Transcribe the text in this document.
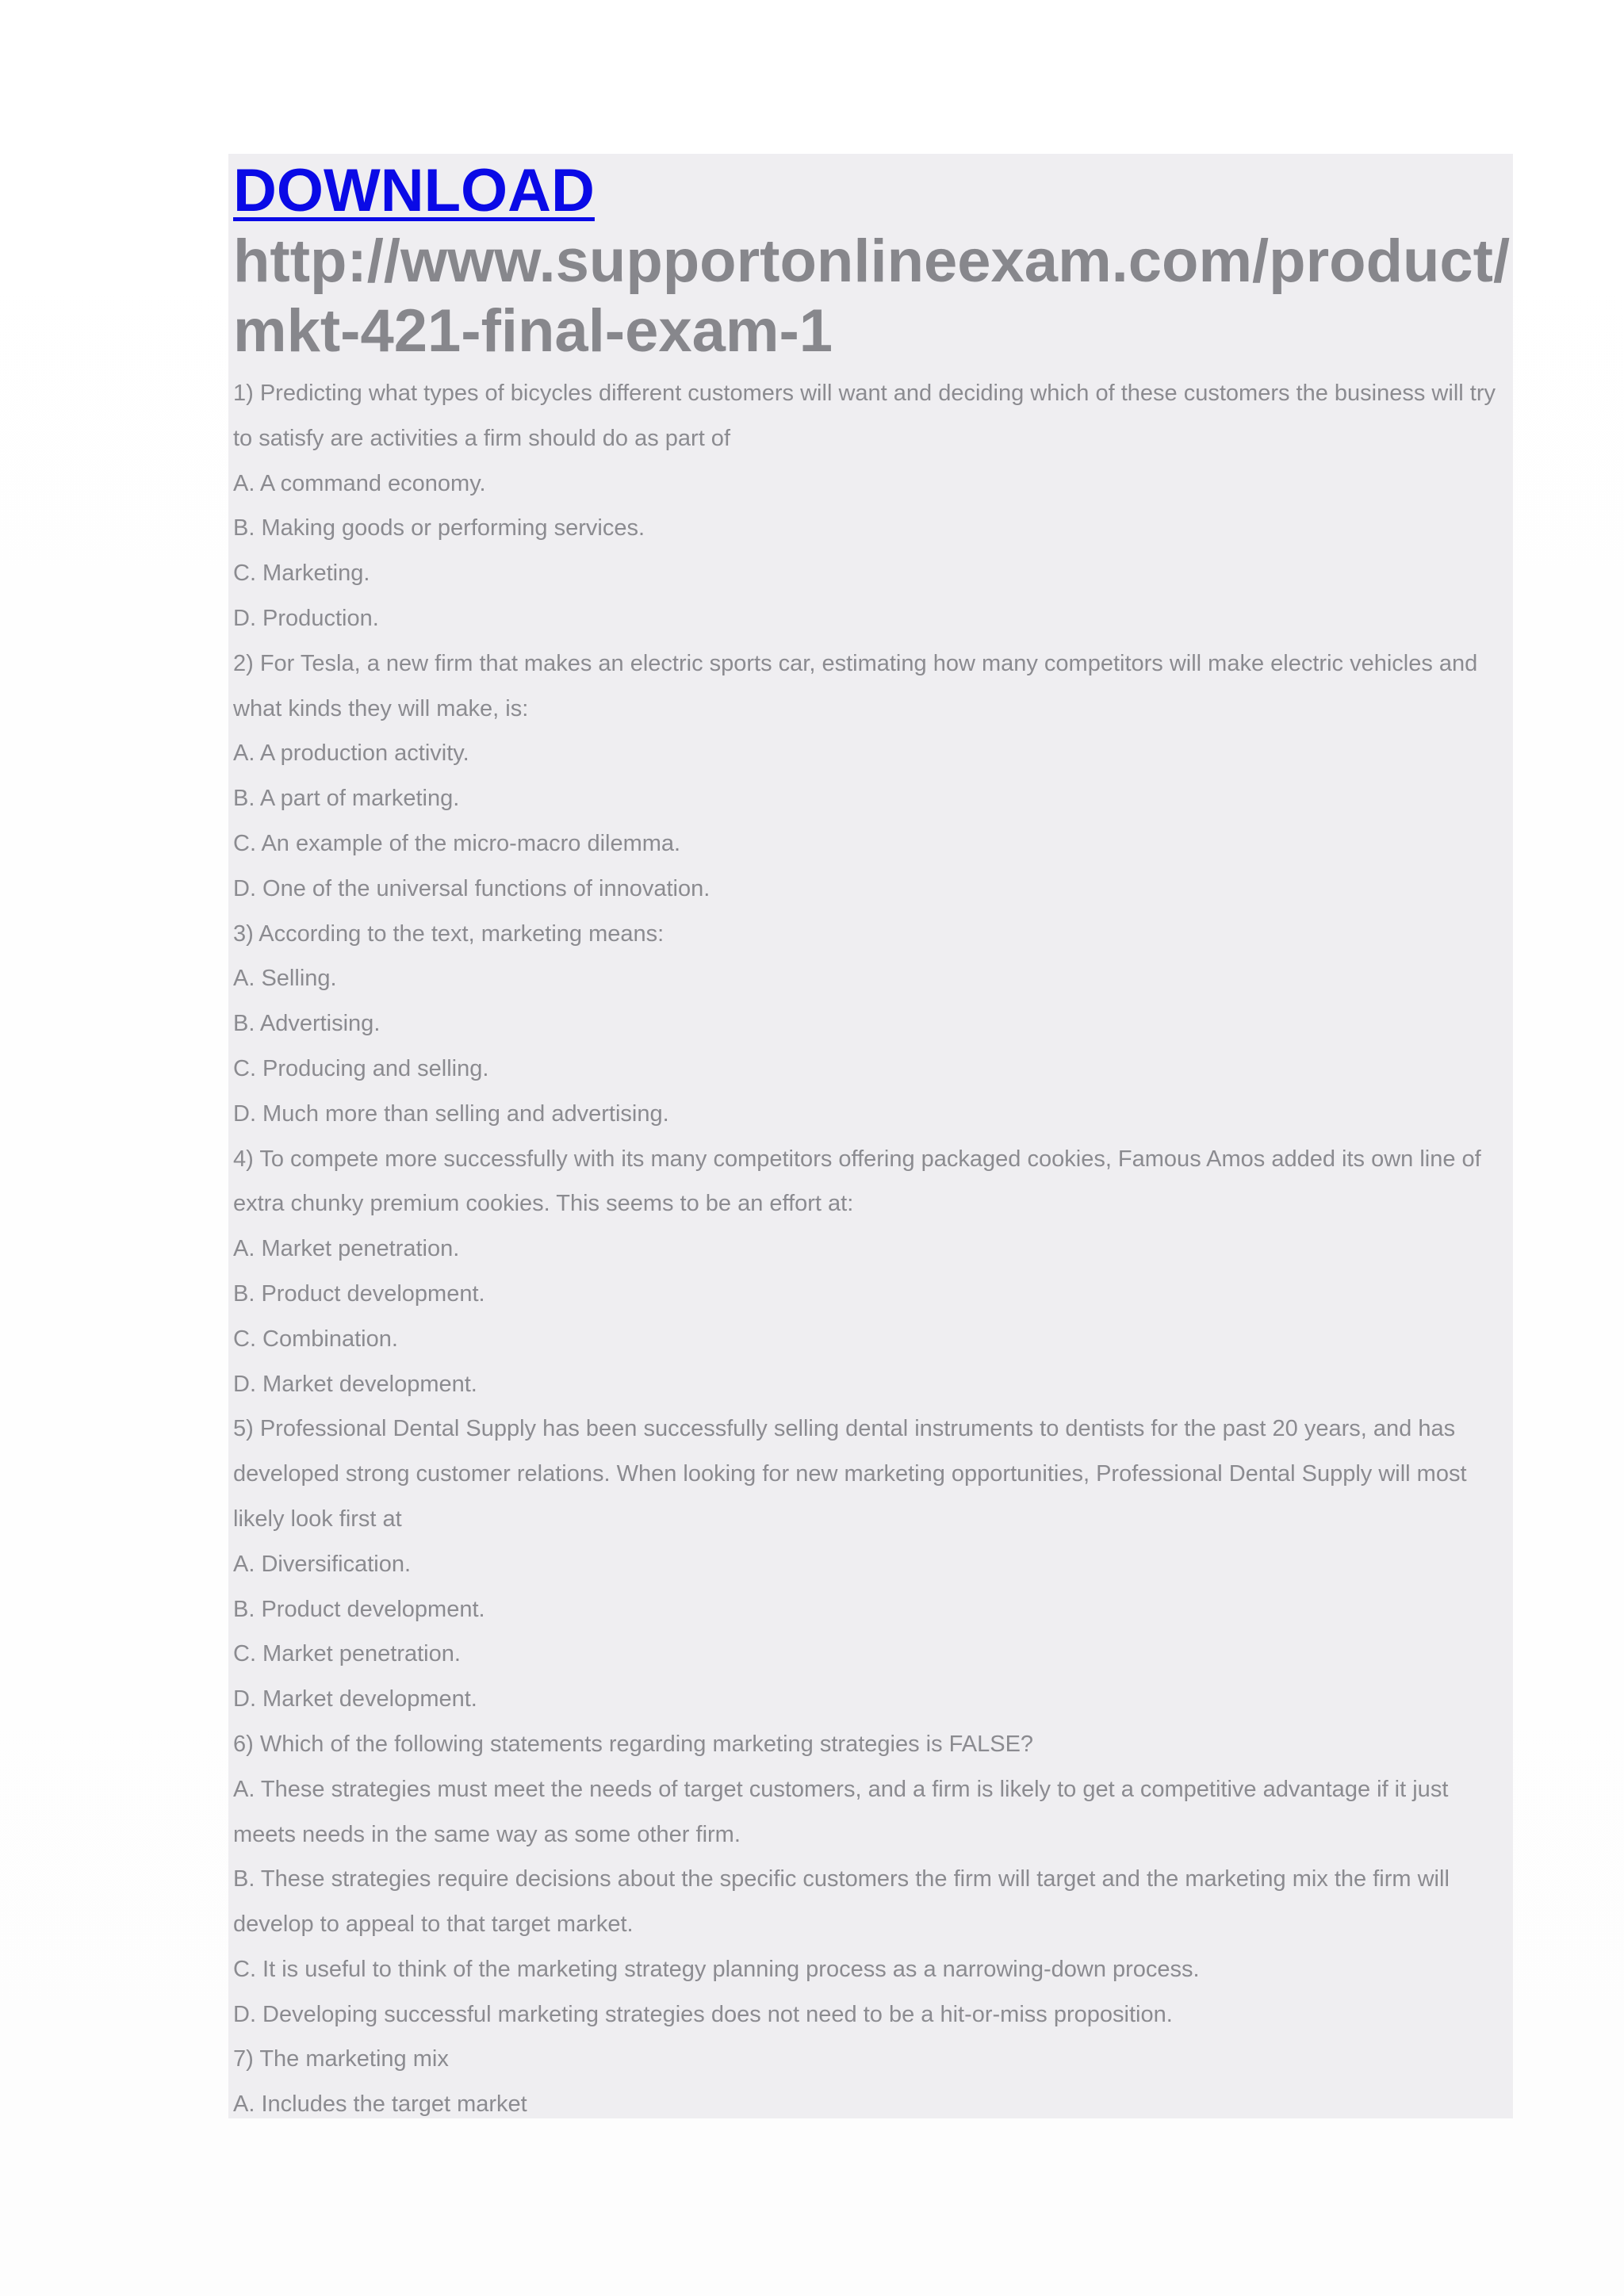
DOWNLOAD
http://www.supportonlineexam.com/product/
mkt-421-final-exam-1
1) Predicting what types of bicycles different customers will want and deciding which of these customers the business will try to satisfy are activities a firm should do as part of
A. A command economy.
B. Making goods or performing services.
C. Marketing.
D. Production.
2) For Tesla, a new firm that makes an electric sports car, estimating how many competitors will make electric vehicles and what kinds they will make, is:
A. A production activity.
B. A part of marketing.
C. An example of the micro-macro dilemma.
D. One of the universal functions of innovation.
3) According to the text, marketing means:
A. Selling.
B. Advertising.
C. Producing and selling.
D. Much more than selling and advertising.
4) To compete more successfully with its many competitors offering packaged cookies, Famous Amos added its own line of extra chunky premium cookies. This seems to be an effort at:
A. Market penetration.
B. Product development.
C. Combination.
D. Market development.
5) Professional Dental Supply has been successfully selling dental instruments to dentists for the past 20 years, and has developed strong customer relations. When looking for new marketing opportunities, Professional Dental Supply will most likely look first at
A. Diversification.
B. Product development.
C. Market penetration.
D. Market development.
6) Which of the following statements regarding marketing strategies is FALSE?
A. These strategies must meet the needs of target customers, and a firm is likely to get a competitive advantage if it just meets needs in the same way as some other firm.
B. These strategies require decisions about the specific customers the firm will target and the marketing mix the firm will develop to appeal to that target market.
C. It is useful to think of the marketing strategy planning process as a narrowing-down process.
D. Developing successful marketing strategies does not need to be a hit-or-miss proposition.
7) The marketing mix
A. Includes the target market
